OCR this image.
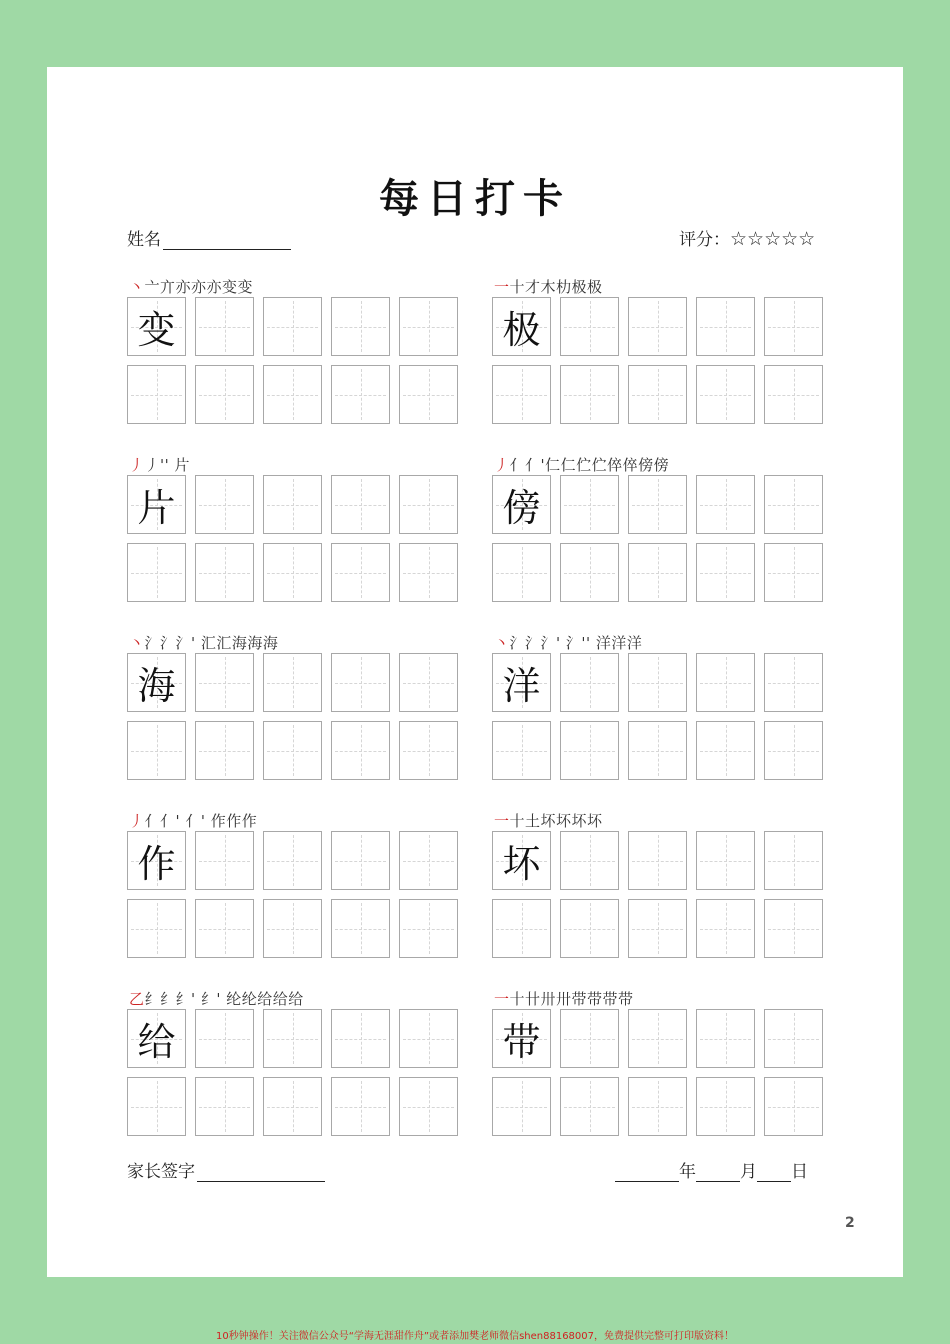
每日打卡
姓名	评分：☆☆☆☆☆
丶亠亣亦亦亦变变
变
一十才木朸极极
极
丿丿'' 片
片
丿亻亻'仁仁伫伫倅倅傍傍
傍
丶氵氵氵' 汇汇海海海
海
丶氵氵氵' 氵'' 洋洋洋
洋
丿亻亻' 亻' 作作作
作
一十土坏坏坏坏
坏
乙纟纟纟' 纟' 纶纶给给给
给
一十卄卅卅带带带带
带
家长签字	年	月 日
2
10秒钟操作！关注微信公众号“学海无涯甜作舟”或者添加樊老师微信shen88168007，免费提供完整可打印版资料！
